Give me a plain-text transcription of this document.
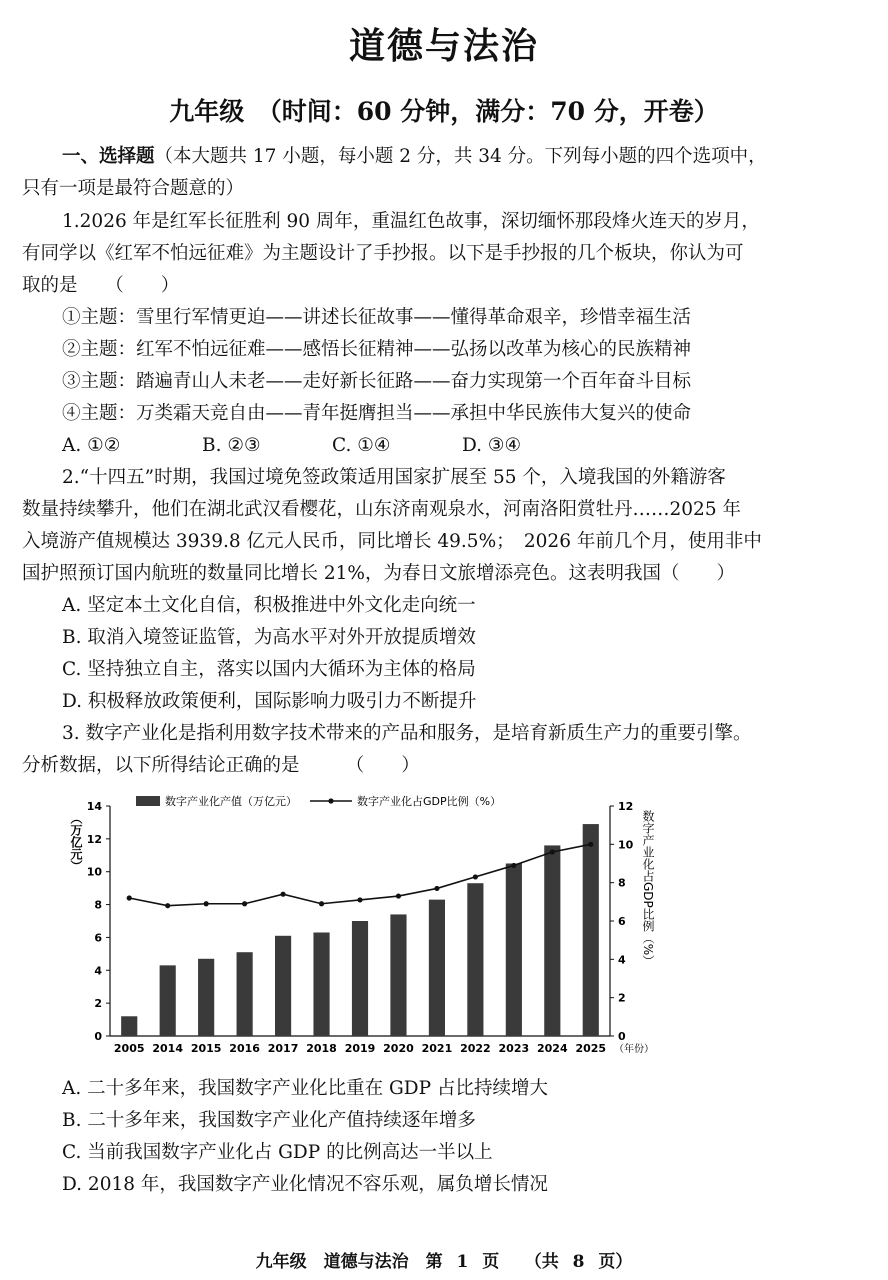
道德与法治
九年级　（时间：60 分钟，满分：70 分，开卷）
一、选择题（本大题共 17 小题，每小题 2 分，共 34 分。下列每小题的四个选项中，
只有一项是最符合题意的）
1.2026 年是红军长征胜利 90 周年，重温红色故事，深切缅怀那段烽火连天的岁月，
有同学以《红军不怕远征难》为主题设计了手抄报。以下是手抄报的几个板块，你认为可
取的是　　（　　）
①主题：雪里行军情更迫——讲述长征故事——懂得革命艰辛，珍惜幸福生活
②主题：红军不怕远征难——感悟长征精神——弘扬以改革为核心的民族精神
③主题：踏遍青山人未老——走好新长征路——奋力实现第一个百年奋斗目标
④主题：万类霜天竞自由——青年挺膺担当——承担中华民族伟大复兴的使命
A. ①②	B. ②③	C. ①④	D. ③④
2.“十四五”时期，我国过境免签政策适用国家扩展至 55 个，入境我国的外籍游客
数量持续攀升，他们在湖北武汉看樱花，山东济南观泉水，河南洛阳赏牡丹……2025 年
入境游产值规模达 3939.8 亿元人民币，同比增长 49.5%；　2026 年前几个月，使用非中
国护照预订国内航班的数量同比增长 21%，为春日文旅增添亮色。这表明我国（　　）
A. 坚定本土文化自信，积极推进中外文化走向统一
B. 取消入境签证监管，为高水平对外开放提质增效
C. 坚持独立自主，落实以国内大循环为主体的格局
D. 积极释放政策便利，国际影响力吸引力不断提升
3. 数字产业化是指利用数字技术带来的产品和服务，是培育新质生产力的重要引擎。
分析数据，以下所得结论正确的是　　　（　　）
0
2
4
6
8
10
12
14
0
2
4
6
8
10
12
2005 2014 2015 2016 2017 2018 2019 2020 2021 2022 2023 2024 2025 （年份）
（万亿元）	数字产业化占GDP比例（%）
数字产业化产值（万亿元）	数字产业化占GDP比例（%）
A. 二十多年来，我国数字产业化比重在 GDP 占比持续增大
B. 二十多年来，我国数字产业化产值持续逐年增多
C. 当前我国数字产业化占 GDP 的比例高达一半以上
D. 2018 年，我国数字产业化情况不容乐观，属负增长情况
九年级　道德与法治　第 1 页　　（共 8 页）
